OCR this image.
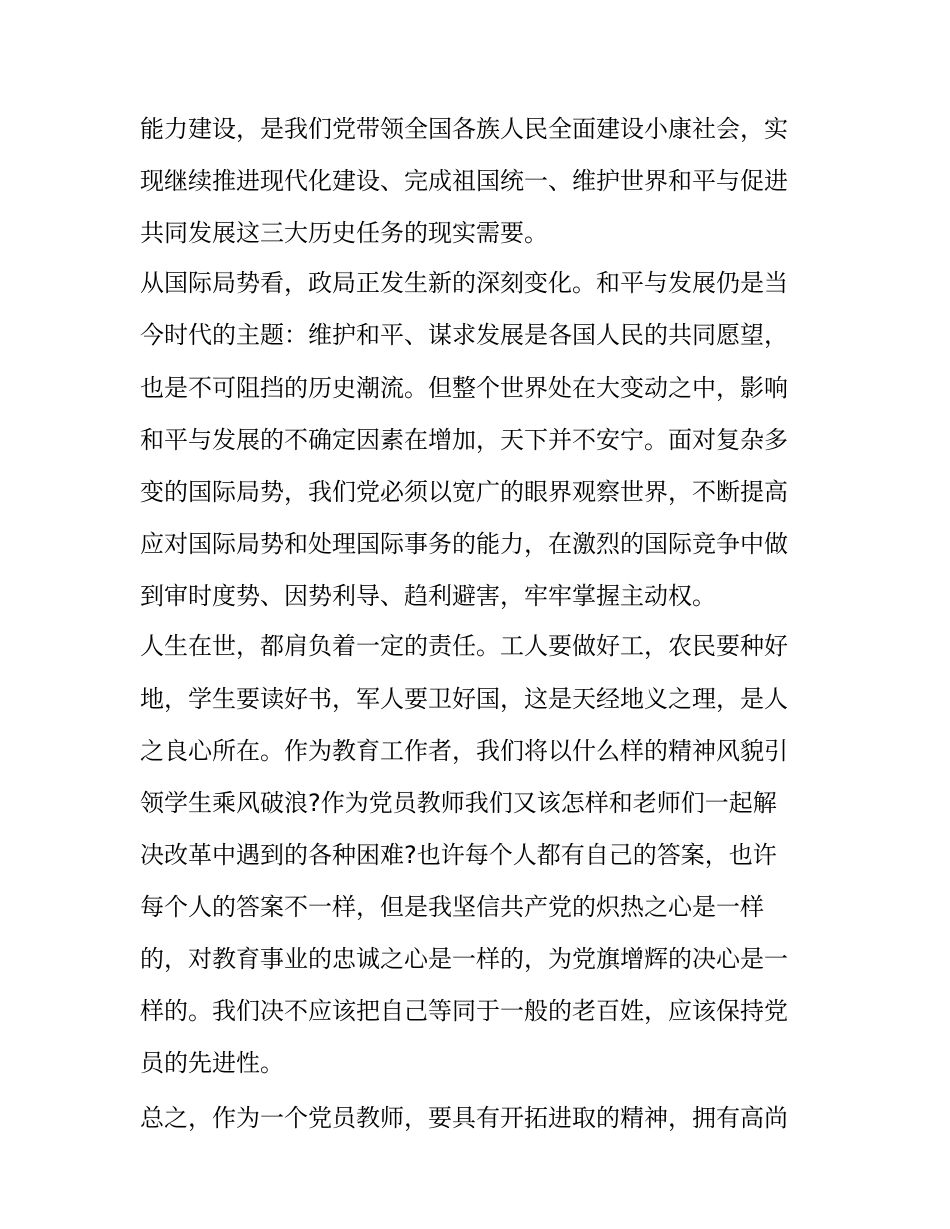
能力建设，是我们党带领全国各族人民全面建设小康社会，实
现继续推进现代化建设、完成祖国统一、维护世界和平与促进
共同发展这三大历史任务的现实需要。
从国际局势看，政局正发生新的深刻变化。和平与发展仍是当
今时代的主题：维护和平、谋求发展是各国人民的共同愿望，
也是不可阻挡的历史潮流。但整个世界处在大变动之中，影响
和平与发展的不确定因素在增加，天下并不安宁。面对复杂多
变的国际局势，我们党必须以宽广的眼界观察世界，不断提高
应对国际局势和处理国际事务的能力，在激烈的国际竞争中做
到审时度势、因势利导、趋利避害，牢牢掌握主动权。
人生在世，都肩负着一定的责任。工人要做好工，农民要种好
地，学生要读好书，军人要卫好国，这是天经地义之理，是人
之良心所在。作为教育工作者，我们将以什么样的精神风貌引
领学生乘风破浪?作为党员教师我们又该怎样和老师们一起解
决改革中遇到的各种困难?也许每个人都有自己的答案，也许
每个人的答案不一样，但是我坚信共产党的炽热之心是一样
的，对教育事业的忠诚之心是一样的，为党旗增辉的决心是一
样的。我们决不应该把自己等同于一般的老百姓，应该保持党
员的先进性。
总之，作为一个党员教师，要具有开拓进取的精神，拥有高尚
